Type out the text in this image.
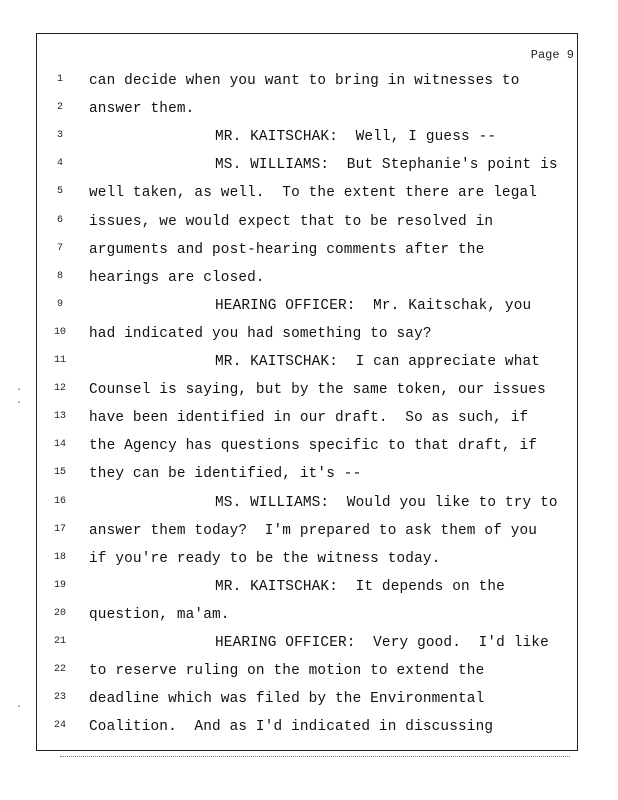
Page 9
1	can decide when you want to bring in witnesses to
2	answer them.
3	MR. KAITSCHAK:  Well, I guess --
4	MS. WILLIAMS:  But Stephanie's point is
5	well taken, as well.  To the extent there are legal
6	issues, we would expect that to be resolved in
7	arguments and post-hearing comments after the
8	hearings are closed.
9	HEARING OFFICER:  Mr. Kaitschak, you
10 had indicated you had something to say?
11	MR. KAITSCHAK:  I can appreciate what
12 Counsel is saying, but by the same token, our issues
13 have been identified in our draft.  So as such, if
14 the Agency has questions specific to that draft, if
15 they can be identified, it's --
16	MS. WILLIAMS:  Would you like to try to
17 answer them today?  I'm prepared to ask them of you
18 if you're ready to be the witness today.
19	MR. KAITSCHAK:  It depends on the
20 question, ma'am.
21	HEARING OFFICER:  Very good.  I'd like
22 to reserve ruling on the motion to extend the
23 deadline which was filed by the Environmental
24 Coalition.  And as I'd indicated in discussing
·
·
·
